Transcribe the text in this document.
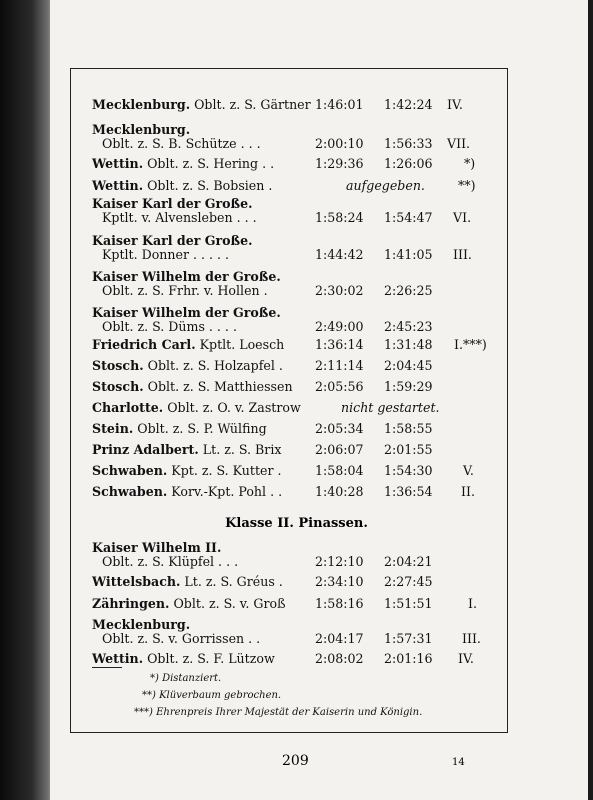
Mecklenburg. Oblt. z. S. Gärtner 1:46:01 1:42:24 IV.
Mecklenburg.
Oblt. z. S. B. Schütze . . .	2:00:10 1:56:33 VII.
Wettin. Oblt. z. S. Hering . .	1:29:36 1:26:06 *)
Wettin. Oblt. z. S. Bobsien .	aufgegeben.	**)
Kaiser Karl der Große.
Kptlt. v. Alvensleben . . .	1:58:24 1:54:47 VI.
Kaiser Karl der Große.
Kptlt. Donner . . . . .	1:44:42 1:41:05 III.
Kaiser Wilhelm der Große.
Oblt. z. S. Frhr. v. Hollen .	2:30:02 2:26:25
Kaiser Wilhelm der Große.
Oblt. z. S. Düms . . . .	2:49:00 2:45:23
Friedrich Carl. Kptlt. Loesch 1:36:14 1:31:48 I.***)
Stosch. Oblt. z. S. Holzapfel .	2:11:14 2:04:45
Stosch. Oblt. z. S. Matthiessen 2:05:56 1:59:29
Charlotte. Oblt. z. O. v. Zastrow	nicht gestartet.
Stein. Oblt. z. S. P. Wülfing	2:05:34 1:58:55
Prinz Adalbert. Lt. z. S. Brix	2:06:07 2:01:55
Schwaben. Kpt. z. S. Kutter .	1:58:04 1:54:30 V.
Schwaben. Korv.-Kpt. Pohl . .	1:40:28 1:36:54 II.
Klasse II. Pinassen.
Kaiser Wilhelm II.
Oblt. z. S. Klüpfel . . .	2:12:10 2:04:21
Wittelsbach. Lt. z. S. Gréus .	2:34:10 2:27:45
Zähringen. Oblt. z. S. v. Groß 1:58:16 1:51:51	I.
Mecklenburg.
Oblt. z. S. v. Gorrissen . .	2:04:17 1:57:31 III.
Wettin. Oblt. z. S. F. Lützow	2:08:02 2:01:16 IV.
*) Distanziert.
**) Klüverbaum gebrochen.
***) Ehrenpreis Ihrer Majestät der Kaiserin und Königin.
209	14
